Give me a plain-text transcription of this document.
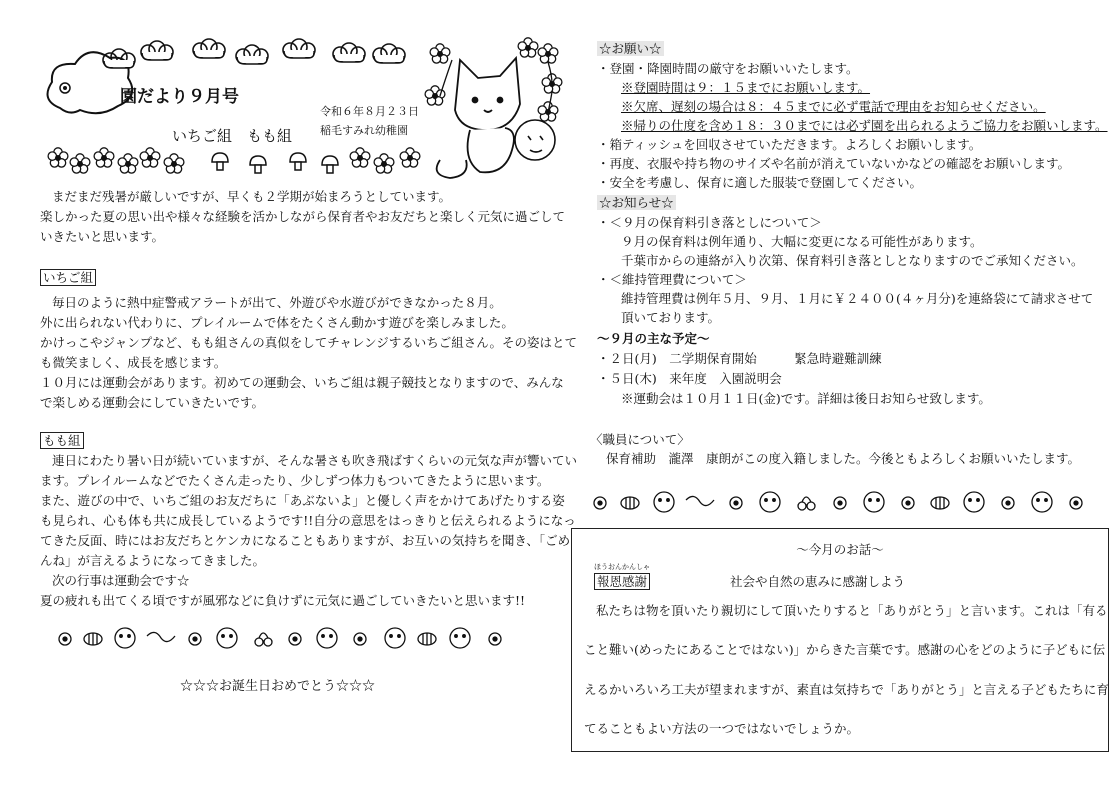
園だより９月号
いちご組　もも組
令和６年８月２３日
稲毛すみれ幼稚園
まだまだ残暑が厳しいですが、早くも２学期が始まろうとしています。
楽しかった夏の思い出や様々な経験を活かしながら保育者やお友だちと楽しく元気に過ごして
いきたいと思います。
いちご組
毎日のように熱中症警戒アラートが出て、外遊びや水遊びができなかった８月。
外に出られない代わりに、プレイルームで体をたくさん動かす遊びを楽しみました。
かけっこやジャンプなど、もも組さんの真似をしてチャレンジするいちご組さん。その姿はとて
も微笑ましく、成長を感じます。
１０月には運動会があります。初めての運動会、いちご組は親子競技となりますので、みんな
で楽しめる運動会にしていきたいです。
もも組
連日にわたり暑い日が続いていますが、そんな暑さも吹き飛ばすくらいの元気な声が響いてい
ます。プレイルームなどでたくさん走ったり、少しずつ体力もついてきたように思います。
また、遊びの中で、いちご組のお友だちに「あぶないよ」と優しく声をかけてあげたりする姿
も見られ、心も体も共に成長しているようです!!自分の意思をはっきりと伝えられるようになっ
てきた反面、時にはお友だちとケンカになることもありますが、お互いの気持ちを聞き、「ごめ
んね」が言えるようになってきました。
次の行事は運動会です☆
夏の疲れも出てくる頃ですが風邪などに負けずに元気に過ごしていきたいと思います!!
☆☆☆お誕生日おめでとう☆☆☆
☆お願い☆
・登園・降園時間の厳守をお願いいたします。
※登園時間は９：１５までにお願いします。
※欠席、遅刻の場合は８：４５までに必ず電話で理由をお知らせください。
※帰りの仕度を含め１８：３０までには必ず園を出られるようご協力をお願いします。
・箱ティッシュを回収させていただきます。よろしくお願いします。
・再度、衣服や持ち物のサイズや名前が消えていないかなどの確認をお願いします。
・安全を考慮し、保育に適した服装で登園してください。
☆お知らせ☆
・＜９月の保育料引き落としについて＞
９月の保育料は例年通り、大幅に変更になる可能性があります。
千葉市からの連絡が入り次第、保育料引き落としとなりますのでご承知ください。
・＜維持管理費について＞
維持管理費は例年５月、９月、１月に￥２４００(４ヶ月分)を連絡袋にて請求させて
頂いております。
～９月の主な予定～
・２日(月)　二学期保育開始　　　緊急時避難訓練
・５日(木)　来年度　入園説明会
※運動会は１０月１１日(金)です。詳細は後日お知らせ致します。
〈職員について〉
保育補助　瀧澤　康朗がこの度入籍しました。今後ともよろしくお願いいたします。
～今月のお話～
ほうおんかんしゃ
報恩感謝	社会や自然の恵みに感謝しよう
私たちは物を頂いたり親切にして頂いたりすると「ありがとう」と言います。これは「有る
こと難い(めったにあることではない)」からきた言葉です。感謝の心をどのように子どもに伝
えるかいろいろ工夫が望まれますが、素直は気持ちで「ありがとう」と言える子どもたちに育
てることもよい方法の一つではないでしょうか。
